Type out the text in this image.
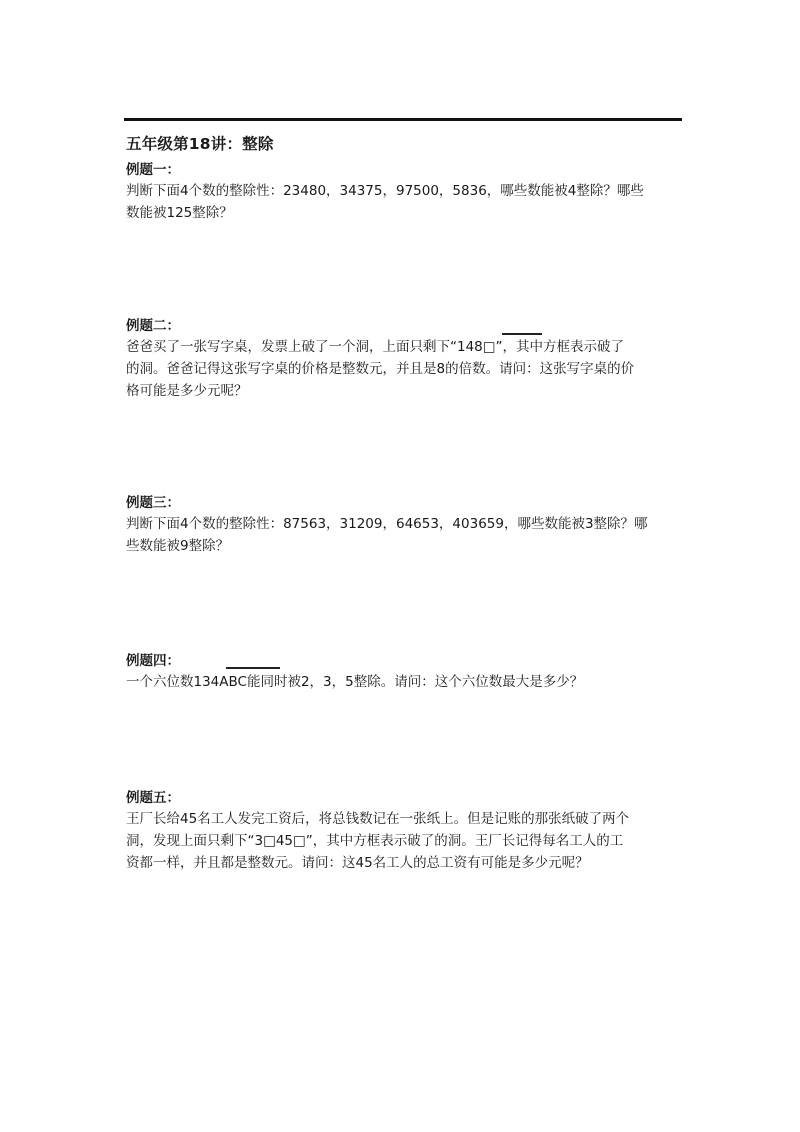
五年级第18讲：整除
例题一：
判断下面4个数的整除性：23480，34375，97500，5836，哪些数能被4整除？哪些
数能被125整除？
例题二：
爸爸买了一张写字桌，发票上破了一个洞，上面只剩下“148□”，其中方框表示破了
的洞。爸爸记得这张写字桌的价格是整数元，并且是8的倍数。请问：这张写字桌的价
格可能是多少元呢？
例题三：
判断下面4个数的整除性：87563，31209，64653，403659，哪些数能被3整除？哪
些数能被9整除？
例题四：
一个六位数134ABC能同时被2，3，5整除。请问：这个六位数最大是多少？
例题五：
王厂长给45名工人发完工资后，将总钱数记在一张纸上。但是记账的那张纸破了两个
洞，发现上面只剩下“3□45□”，其中方框表示破了的洞。王厂长记得每名工人的工
资都一样，并且都是整数元。请问：这45名工人的总工资有可能是多少元呢？
